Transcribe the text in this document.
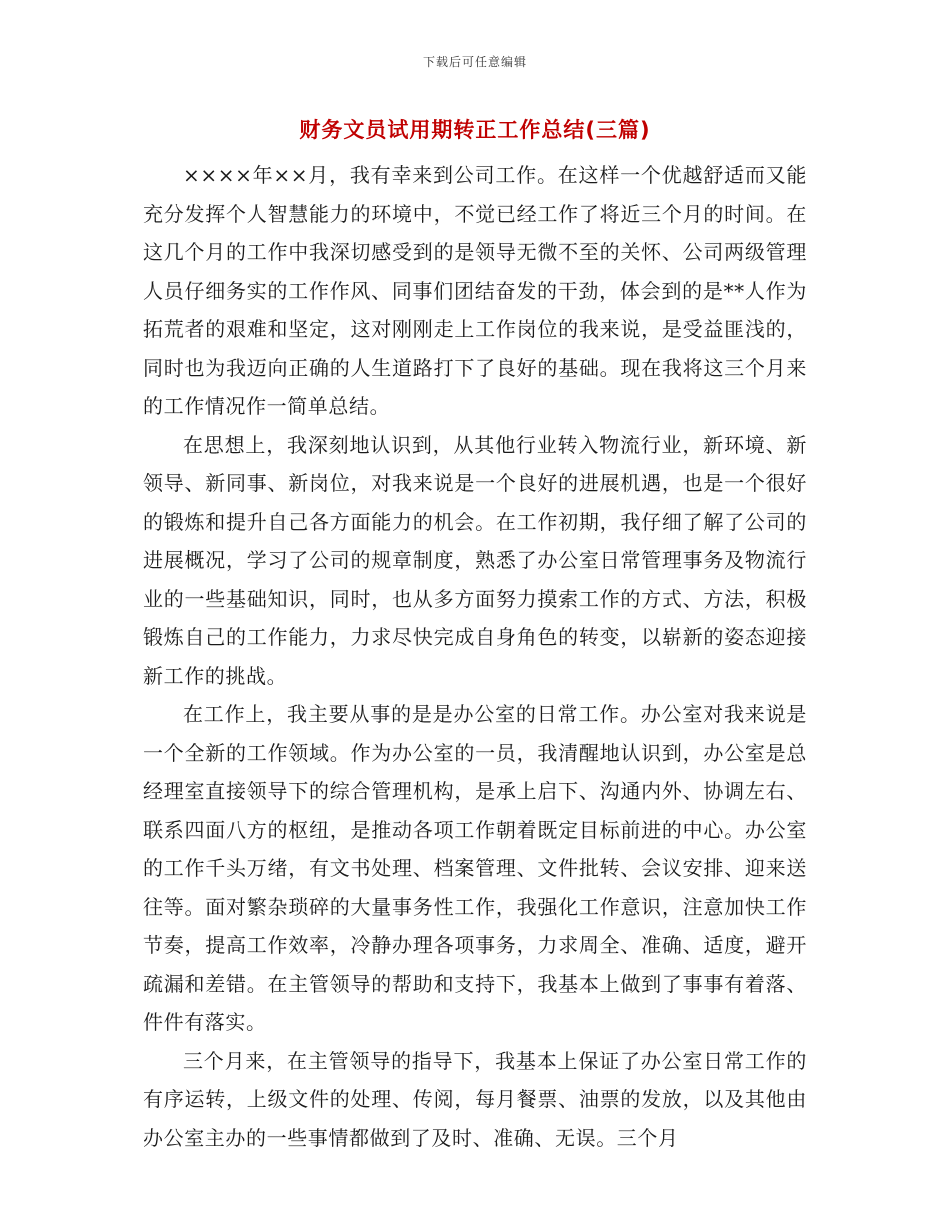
下载后可任意编辑
财务文员试用期转正工作总结(三篇)

××××年××月，我有幸来到公司工作。在这样一个优越舒适而又能充分发挥个人智慧能力的环境中，不觉已经工作了将近三个月的时间。在这几个月的工作中我深切感受到的是领导无微不至的关怀、公司两级管理人员仔细务实的工作作风、同事们团结奋发的干劲，体会到的是**人作为拓荒者的艰难和坚定，这对刚刚走上工作岗位的我来说，是受益匪浅的，同时也为我迈向正确的人生道路打下了良好的基础。现在我将这三个月来的工作情况作一简单总结。

在思想上，我深刻地认识到，从其他行业转入物流行业，新环境、新领导、新同事、新岗位，对我来说是一个良好的进展机遇，也是一个很好的锻炼和提升自己各方面能力的机会。在工作初期，我仔细了解了公司的进展概况，学习了公司的规章制度，熟悉了办公室日常管理事务及物流行业的一些基础知识，同时，也从多方面努力摸索工作的方式、方法，积极锻炼自己的工作能力，力求尽快完成自身角色的转变，以崭新的姿态迎接新工作的挑战。

在工作上，我主要从事的是是办公室的日常工作。办公室对我来说是一个全新的工作领域。作为办公室的一员，我清醒地认识到，办公室是总经理室直接领导下的综合管理机构，是承上启下、沟通内外、协调左右、联系四面八方的枢纽，是推动各项工作朝着既定目标前进的中心。办公室的工作千头万绪，有文书处理、档案管理、文件批转、会议安排、迎来送往等。面对繁杂琐碎的大量事务性工作，我强化工作意识，注意加快工作节奏，提高工作效率，冷静办理各项事务，力求周全、准确、适度，避开疏漏和差错。在主管领导的帮助和支持下，我基本上做到了事事有着落、件件有落实。

三个月来，在主管领导的指导下，我基本上保证了办公室日常工作的有序运转，上级文件的处理、传阅，每月餐票、油票的发放，以及其他由办公室主办的一些事情都做到了及时、准确、无误。三个月
